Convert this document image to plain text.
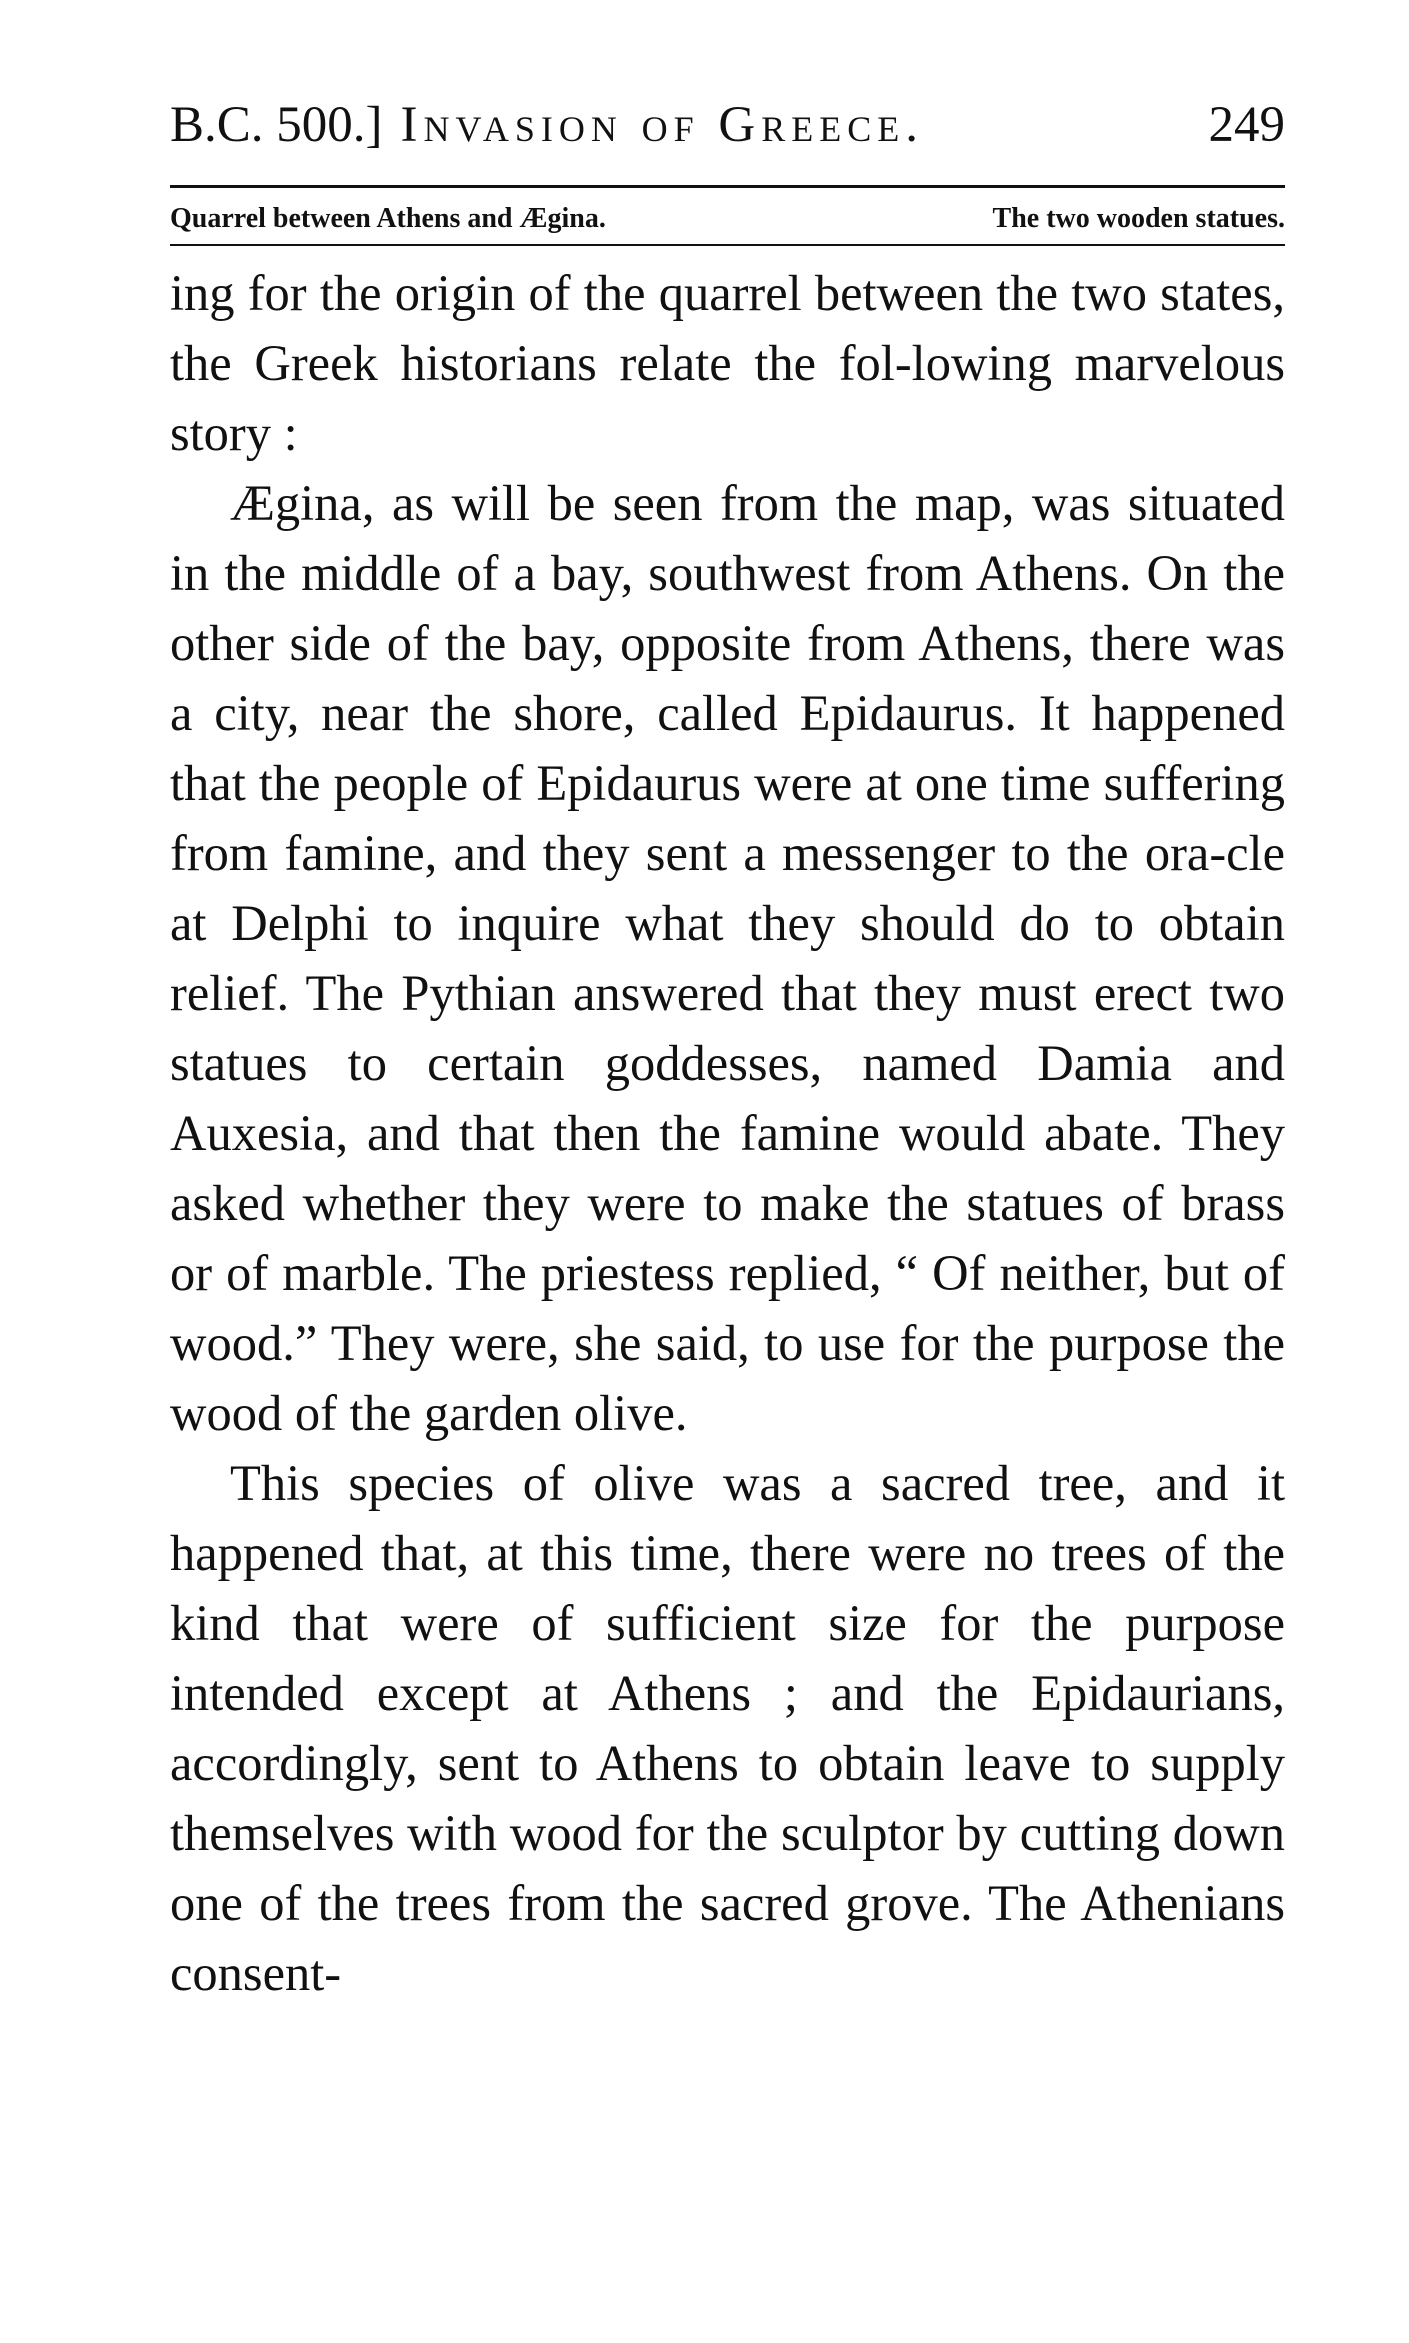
B.C. 500.] Invasion of Greece.	249
Quarrel between Athens and Ægina.	The two wooden statues.

ing for the origin of the quarrel between the two states, the Greek historians relate the fol-lowing marvelous story :

Ægina, as will be seen from the map, was situated in the middle of a bay, southwest from Athens. On the other side of the bay, opposite from Athens, there was a city, near the shore, called Epidaurus. It happened that the people of Epidaurus were at one time suffering from famine, and they sent a messenger to the ora-cle at Delphi to inquire what they should do to obtain relief. The Pythian answered that they must erect two statues to certain goddesses, named Damia and Auxesia, and that then the famine would abate. They asked whether they were to make the statues of brass or of marble. The priestess replied, “ Of neither, but of wood.” They were, she said, to use for the purpose the wood of the garden olive.

This species of olive was a sacred tree, and it happened that, at this time, there were no trees of the kind that were of sufficient size for the purpose intended except at Athens ; and the Epidaurians, accordingly, sent to Athens to obtain leave to supply themselves with wood for the sculptor by cutting down one of the trees from the sacred grove. The Athenians consent-
